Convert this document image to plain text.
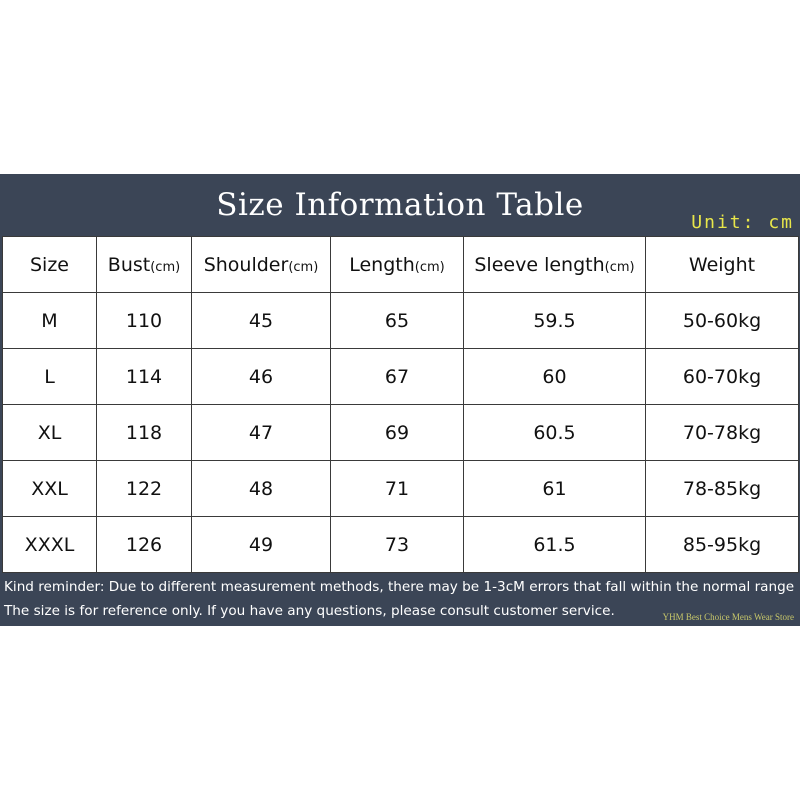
Size Information Table	Unit: cm
Size	Bust(cm)	Shoulder(cm)	Length(cm)	Sleeve length(cm)	Weight
M	110	45	65	59.5	50-60kg
L	114	46	67	60	60-70kg
XL	118	47	69	60.5	70-78kg
XXL	122	48	71	61	78-85kg
XXXL	126	49	73	61.5	85-95kg
Kind reminder: Due to different measurement methods, there may be 1-3cM errors that fall within the normal range
The size is for reference only. If you have any questions, please consult customer service.	YHM Best Choice Mens Wear Store
